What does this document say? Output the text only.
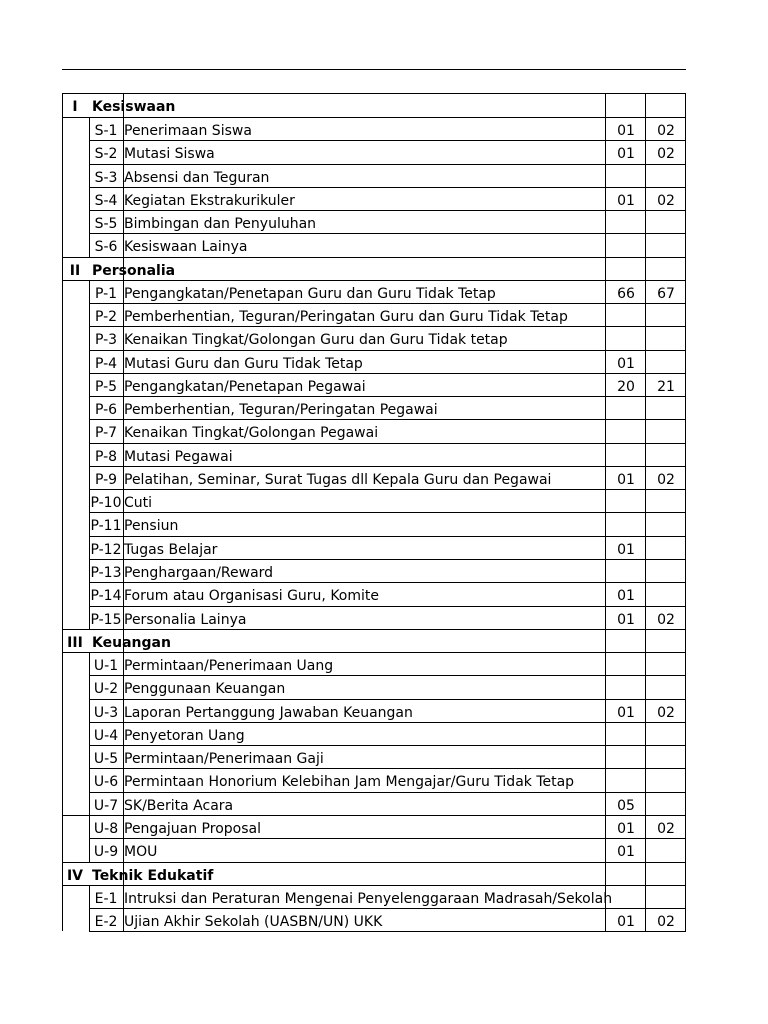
I	Kesiswaan
S-1 Penerimaan Siswa	01	02
S-2 Mutasi Siswa	01	02
S-3 Absensi dan Teguran
S-4 Kegiatan Ekstrakurikuler	01	02
S-5 Bimbingan dan Penyuluhan
S-6 Kesiswaan Lainya
II Personalia
P-1 Pengangkatan/Penetapan Guru dan Guru Tidak Tetap	66	67
P-2 Pemberhentian, Teguran/Peringatan Guru dan Guru Tidak Tetap
P-3 Kenaikan Tingkat/Golongan Guru dan Guru Tidak tetap
P-4 Mutasi Guru dan Guru Tidak Tetap	01
P-5 Pengangkatan/Penetapan Pegawai	20	21
P-6 Pemberhentian, Teguran/Peringatan Pegawai
P-7 Kenaikan Tingkat/Golongan Pegawai
P-8 Mutasi Pegawai
P-9 Pelatihan, Seminar, Surat Tugas dll Kepala Guru dan Pegawai	01	02
P-10 Cuti
P-11 Pensiun
P-12 Tugas Belajar	01
P-13 Penghargaan/Reward
P-14 Forum atau Organisasi Guru, Komite	01
P-15 Personalia Lainya	01	02
III Keuangan
U-1 Permintaan/Penerimaan Uang
U-2 Penggunaan Keuangan
U-3 Laporan Pertanggung Jawaban Keuangan	01	02
U-4 Penyetoran Uang
U-5 Permintaan/Penerimaan Gaji
U-6 Permintaan Honorium Kelebihan Jam Mengajar/Guru Tidak Tetap
U-7 SK/Berita Acara	05
U-8 Pengajuan Proposal	01	02
U-9 MOU	01
IV Teknik Edukatif
E-1 Intruksi dan Peraturan Mengenai Penyelenggaraan Madrasah/Sekolah
E-2 Ujian Akhir Sekolah (UASBN/UN) UKK	01	02
